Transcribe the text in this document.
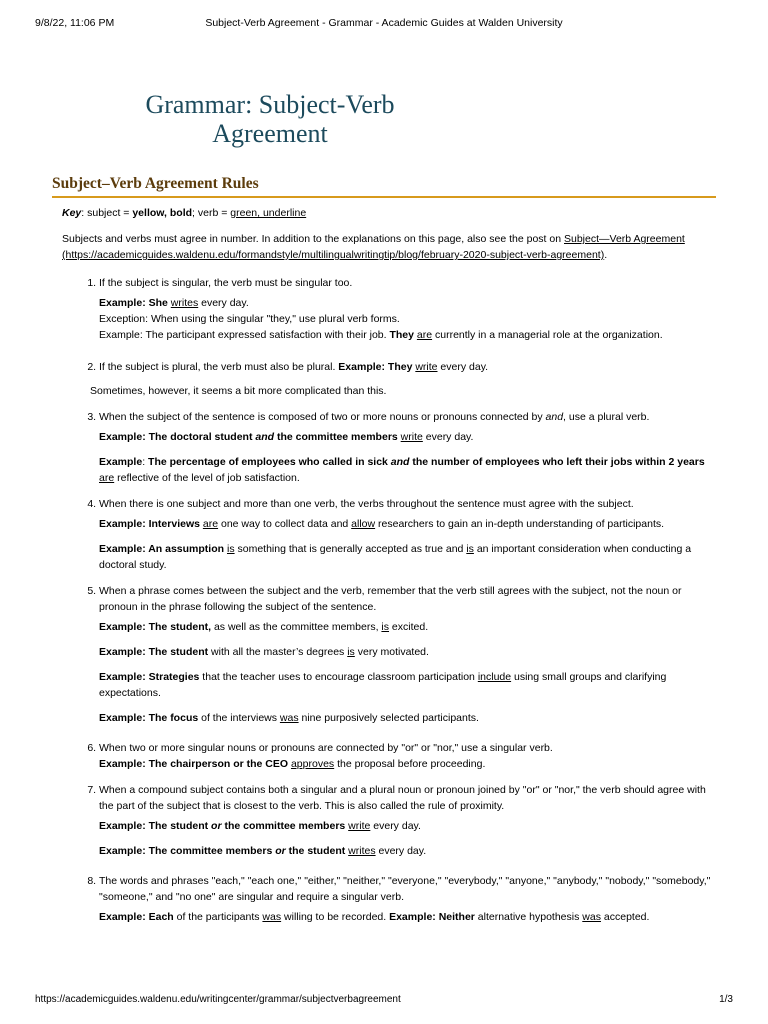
9/8/22, 11:06 PM	Subject-Verb Agreement - Grammar - Academic Guides at Walden University
Grammar: Subject-Verb Agreement
Subject–Verb Agreement Rules

Key: subject = yellow, bold; verb = green, underline

Subjects and verbs must agree in number. In addition to the explanations on this page, also see the post on Subject—Verb Agreement (https://academicguides.waldenu.edu/formandstyle/multilingualwritingtip/blog/february-2020-subject-verb-agreement).

1. If the subject is singular, the verb must be singular too.
Example: She writes every day.
Exception: When using the singular "they," use plural verb forms.
Example: The participant expressed satisfaction with their job. They are currently in a managerial role at the organization.
2. If the subject is plural, the verb must also be plural. Example: They write every day.

Sometimes, however, it seems a bit more complicated than this.

3. When the subject of the sentence is composed of two or more nouns or pronouns connected by and, use a plural verb.
Example: The doctoral student and the committee members write every day.
Example: The percentage of employees who called in sick and the number of employees who left their jobs within 2 years are reflective of the level of job satisfaction.
4. When there is one subject and more than one verb, the verbs throughout the sentence must agree with the subject.
Example: Interviews are one way to collect data and allow researchers to gain an in-depth understanding of participants.
Example: An assumption is something that is generally accepted as true and is an important consideration when conducting a doctoral study.
5. When a phrase comes between the subject and the verb, remember that the verb still agrees with the subject, not the noun or pronoun in the phrase following the subject of the sentence.
Example: The student, as well as the committee members, is excited.
Example: The student with all the master’s degrees is very motivated.
Example: Strategies that the teacher uses to encourage classroom participation include using small groups and clarifying expectations.
Example: The focus of the interviews was nine purposively selected participants.
6. When two or more singular nouns or pronouns are connected by "or" or "nor," use a singular verb.
Example: The chairperson or the CEO approves the proposal before proceeding.
7. When a compound subject contains both a singular and a plural noun or pronoun joined by "or" or "nor," the verb should agree with the part of the subject that is closest to the verb. This is also called the rule of proximity.
Example: The student or the committee members write every day.
Example: The committee members or the student writes every day.
8. The words and phrases "each," "each one," "either," "neither," "everyone," "everybody," "anyone," "anybody," "nobody," "somebody," "someone," and "no one" are singular and require a singular verb.
Example: Each of the participants was willing to be recorded. Example: Neither alternative hypothesis was accepted.
https://academicguides.waldenu.edu/writingcenter/grammar/subjectverbagreement	1/3
